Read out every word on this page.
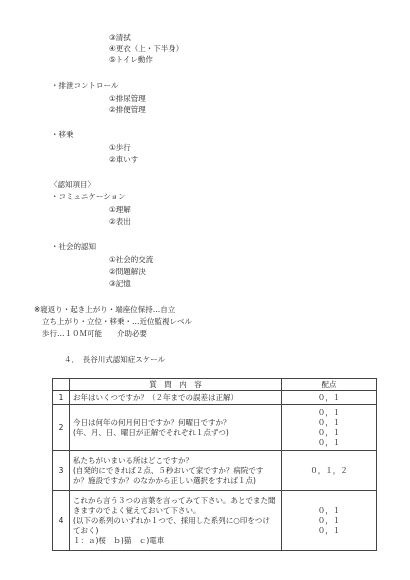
③清拭
④更衣（上・下半身）
⑤トイレ動作
・排泄コントロール
①排尿管理
②排便管理
・移乗
①歩行
②車いす
〈認知項目〉
・コミュニケーション
①理解
②表出
・社会的認知
①社会的交流
②問題解決
③記憶
※寝返り・起き上がり・端座位保持…自立
立ち上がり・立位・移乗・…近位監視レベル
歩行…１０Ｍ可能　　介助必要
４．　長谷川式認知症スケール
	質　問　内　容	配点
1	お年はいくつですか？（２年までの誤差は正解）	０，１

2	今日は何年の何月何日ですか？何曜日ですか？
(年、月、日、曜日が正解でそれぞれ１点ずつ)	０，１
０，１
０，１
０，１

3	私たちがいまいる所はどこですか？
(自発的にできれば２点、５秒おいて家ですか？病院です
か？施設ですか？のなかから正しい選択をすれば１点)	０，１，２

4	これから言う３つの言葉を言ってみて下さい。あとでまた聞
きますのでよく覚えておいて下さい。
(以下の系列のいずれか１つで、採用した系列に○印をつけ
ておく)
１：ａ)桜　ｂ)猫　ｃ)電車	０，１
０，１
０，１
